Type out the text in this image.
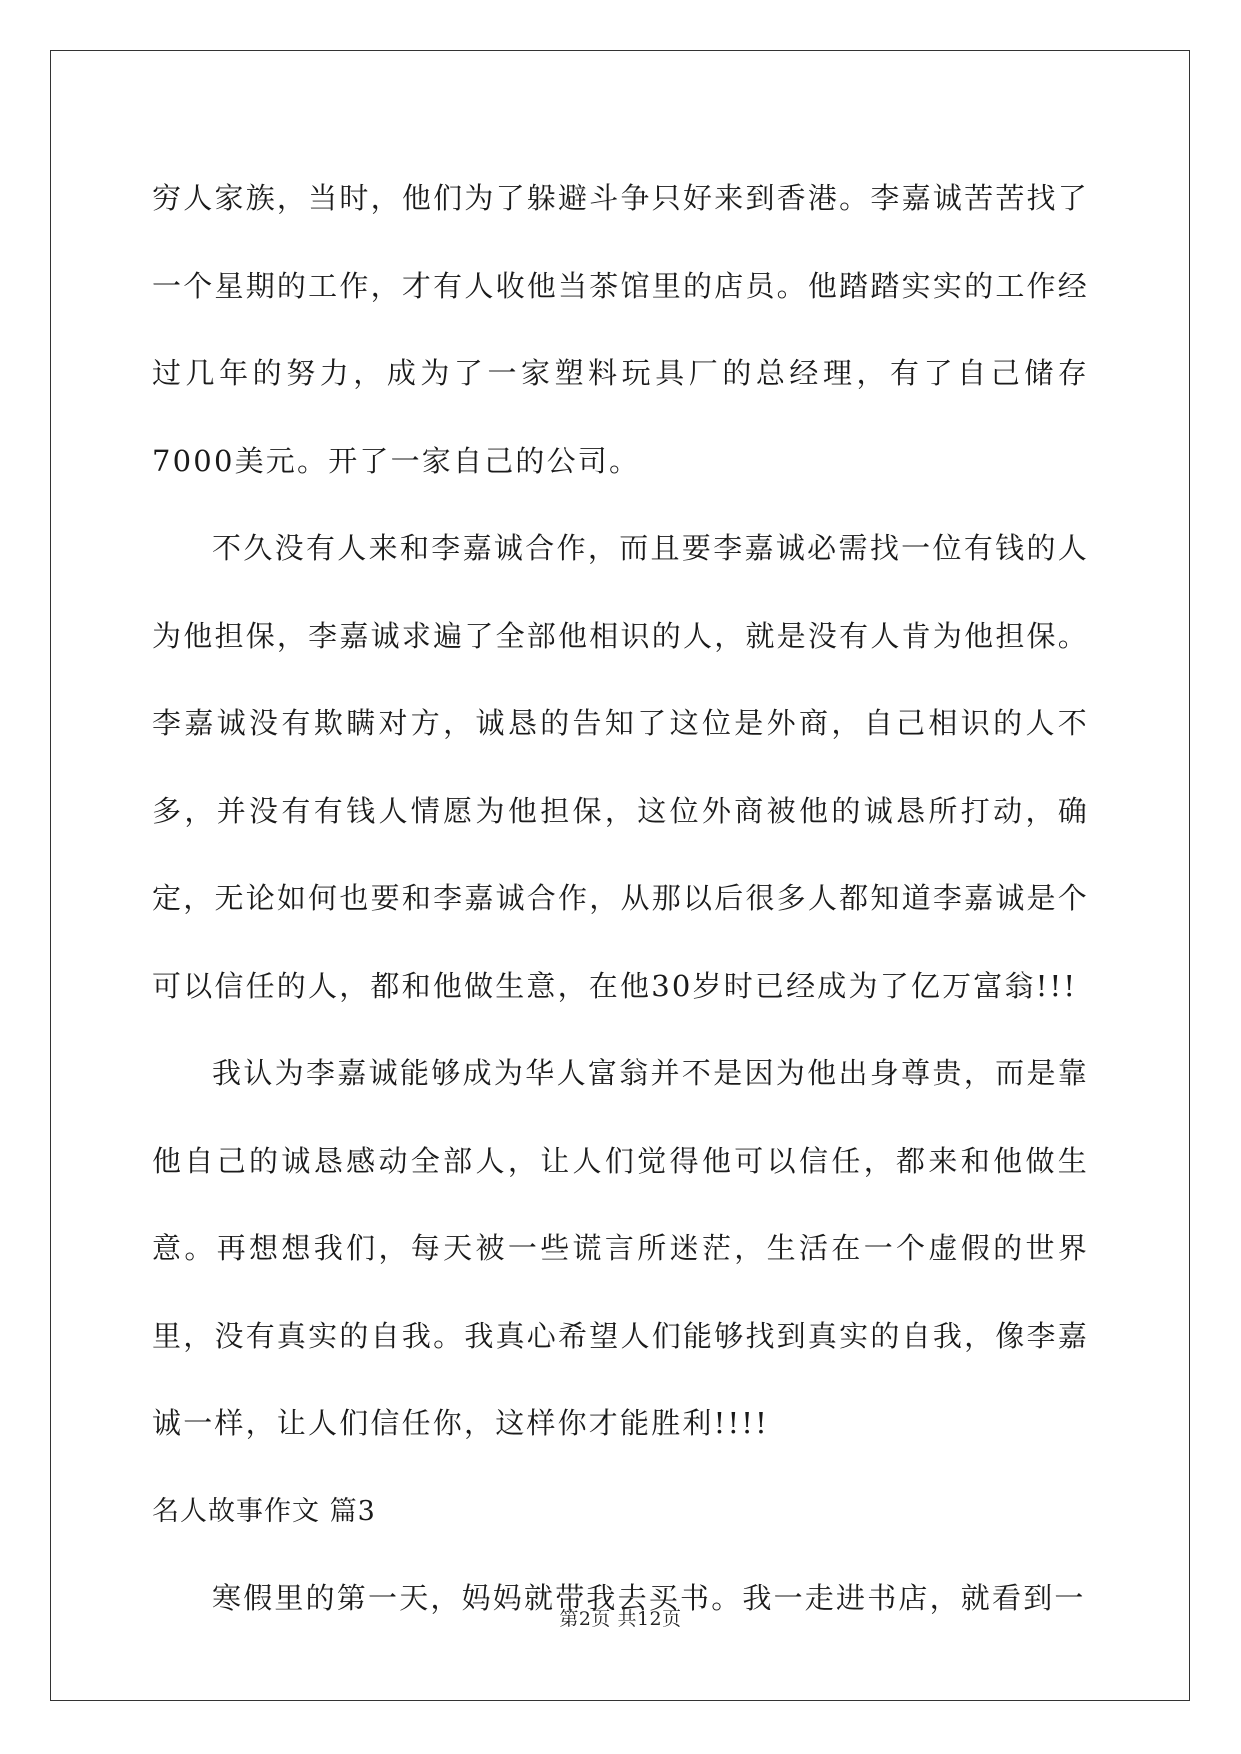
穷人家族，当时，他们为了躲避斗争只好来到香港。李嘉诚苦苦找了一个星期的工作，才有人收他当茶馆里的店员。他踏踏实实的工作经过几年的努力，成为了一家塑料玩具厂的总经理，有了自己储存7000美元。开了一家自己的公司。

不久没有人来和李嘉诚合作，而且要李嘉诚必需找一位有钱的人为他担保，李嘉诚求遍了全部他相识的人，就是没有人肯为他担保。李嘉诚没有欺瞒对方，诚恳的告知了这位是外商，自己相识的人不多，并没有有钱人情愿为他担保，这位外商被他的诚恳所打动，确定，无论如何也要和李嘉诚合作，从那以后很多人都知道李嘉诚是个可以信任的人，都和他做生意，在他30岁时已经成为了亿万富翁!!!

我认为李嘉诚能够成为华人富翁并不是因为他出身尊贵，而是靠他自己的诚恳感动全部人，让人们觉得他可以信任，都来和他做生意。再想想我们，每天被一些谎言所迷茫，生活在一个虚假的世界里，没有真实的自我。我真心希望人们能够找到真实的自我，像李嘉诚一样，让人们信任你，这样你才能胜利!!!!

名人故事作文 篇3

寒假里的第一天，妈妈就带我去买书。我一走进书店，就看到一

第2页 共12页
